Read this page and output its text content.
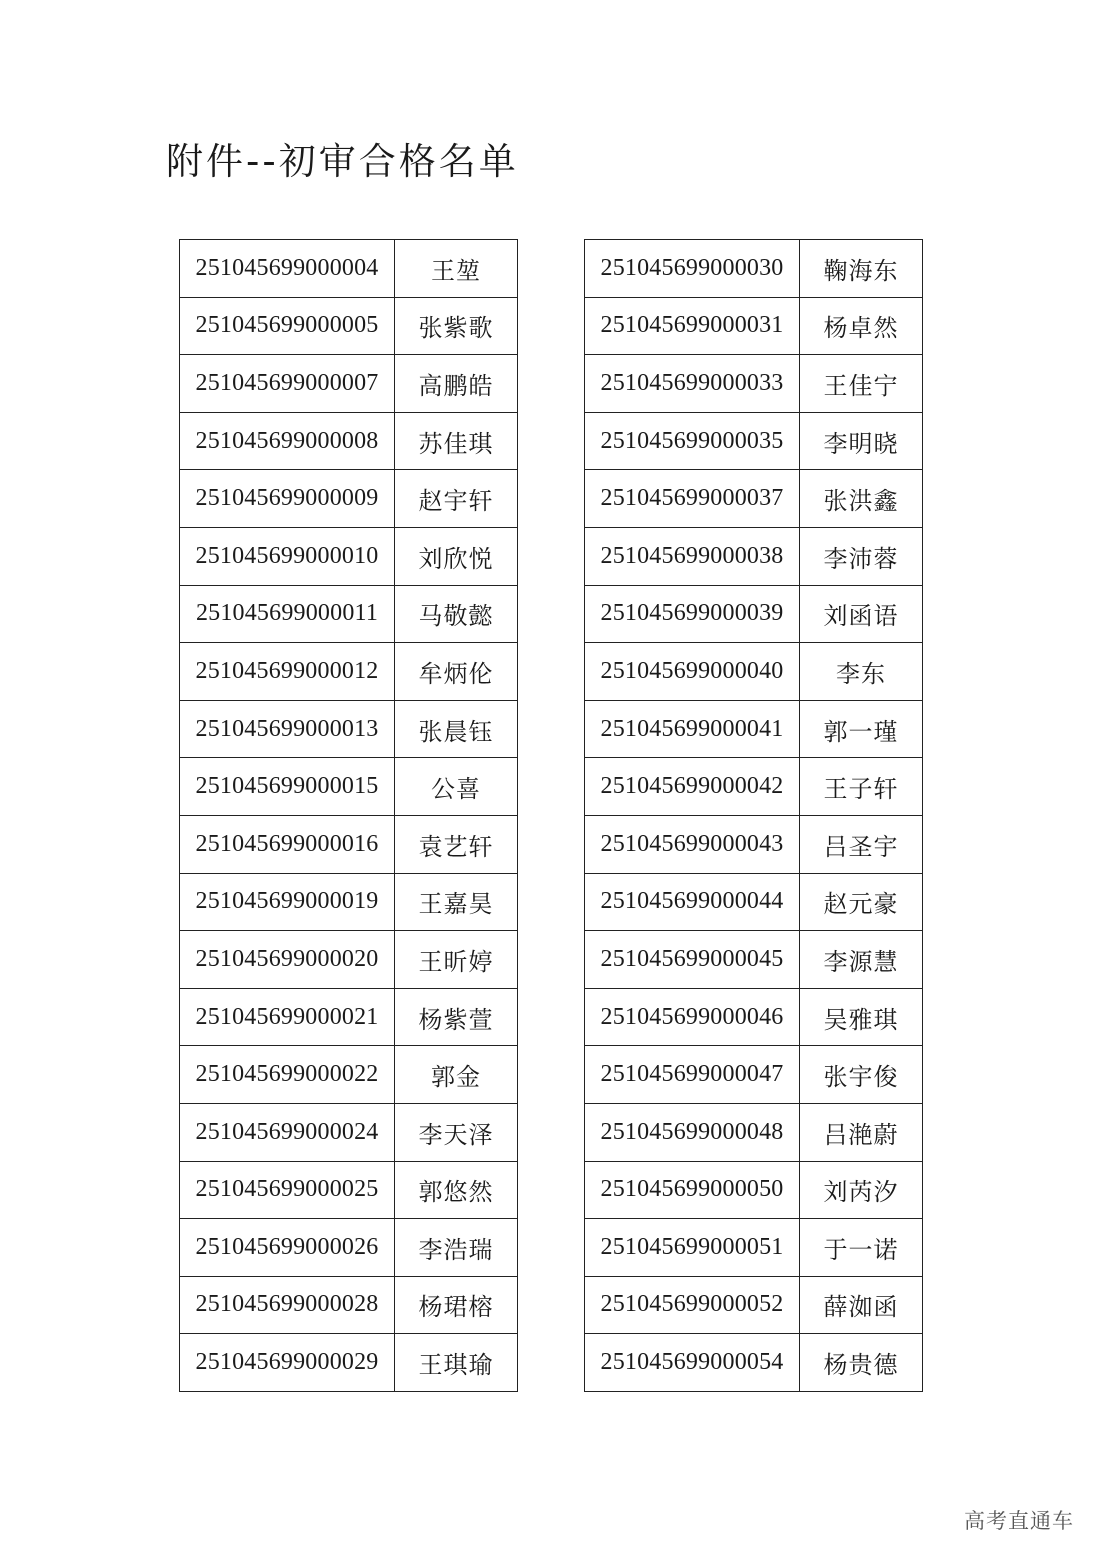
附件--初审合格名单
251045699000004	王堃
251045699000005	张紫歌
251045699000007	高鹏皓
251045699000008	苏佳琪
251045699000009	赵宇轩
251045699000010	刘欣悦
251045699000011	马敬懿
251045699000012	牟炳伦
251045699000013	张晨钰
251045699000015	公喜
251045699000016	袁艺轩
251045699000019	王嘉昊
251045699000020	王昕婷
251045699000021	杨紫萱
251045699000022	郭金
251045699000024	李天泽
251045699000025	郭悠然
251045699000026	李浩瑞
251045699000028	杨珺榕
251045699000029	王琪瑜
251045699000030	鞠海东
251045699000031	杨卓然
251045699000033	王佳宁
251045699000035	李明晓
251045699000037	张洪鑫
251045699000038	李沛蓉
251045699000039	刘函语
251045699000040	李东
251045699000041	郭一瑾
251045699000042	王子轩
251045699000043	吕圣宇
251045699000044	赵元豪
251045699000045	李源慧
251045699000046	吴雅琪
251045699000047	张宇俊
251045699000048	吕滟蔚
251045699000050	刘芮汐
251045699000051	于一诺
251045699000052	薛洳函
251045699000054	杨贵德
高考直通车
